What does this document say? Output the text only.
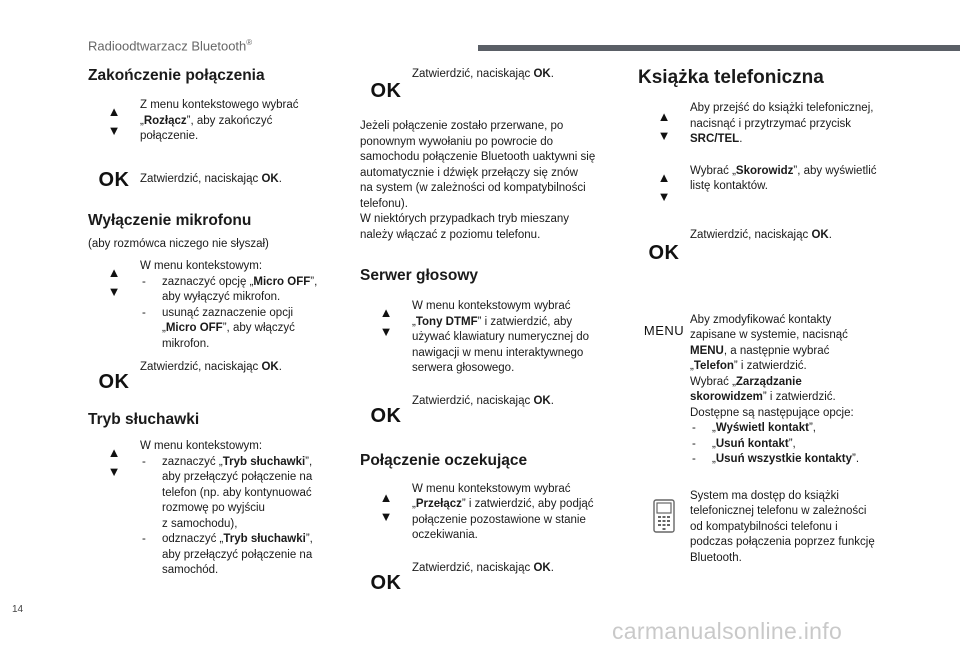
Radioodtwarzacz Bluetooth®
Zakończenie połączenia
▲
▼
Z menu kontekstowego wybrać
„Rozłącz”, aby zakończyć
połączenie.
OK Zatwierdzić, naciskając OK.
Wyłączenie mikrofonu
(aby rozmówca niczego nie słyszał)
▲
▼
W menu kontekstowym:
- zaznaczyć opcję „Micro OFF”,
aby wyłączyć mikrofon.
- usunąć zaznaczenie opcji
„Micro OFF”, aby włączyć
mikrofon.
OK
Zatwierdzić, naciskając OK.
Tryb słuchawki
▲
▼
W menu kontekstowym:
- zaznaczyć „Tryb słuchawki”,
aby przełączyć połączenie na
telefon (np. aby kontynuować
rozmowę po wyjściu
z samochodu),
- odznaczyć „Tryb słuchawki”,
aby przełączyć połączenie na
samochód.
OK
Zatwierdzić, naciskając OK.
Jeżeli połączenie zostało przerwane, po
ponownym wywołaniu po powrocie do
samochodu połączenie Bluetooth uaktywni się
automatycznie i dźwięk przełączy się znów
na system (w zależności od kompatybilności
telefonu).
W niektórych przypadkach tryb mieszany
należy włączać z poziomu telefonu.
Serwer głosowy
▲
▼
W menu kontekstowym wybrać
„Tony DTMF” i zatwierdzić, aby
używać klawiatury numerycznej do
nawigacji w menu interaktywnego
serwera głosowego.
OK
Zatwierdzić, naciskając OK.
Połączenie oczekujące
▲
▼
W menu kontekstowym wybrać
„Przełącz” i zatwierdzić, aby podjąć
połączenie pozostawione w stanie
oczekiwania.
OK
Zatwierdzić, naciskając OK.
Książka telefoniczna
▲
▼
Aby przejść do książki telefonicznej,
nacisnąć i przytrzymać przycisk
SRC/TEL.
▲
▼
Wybrać „Skorowidz”, aby wyświetlić
listę kontaktów.
OK
Zatwierdzić, naciskając OK.
MENU
Aby zmodyfikować kontakty
zapisane w systemie, nacisnąć
MENU, a następnie wybrać
„Telefon” i zatwierdzić.
Wybrać „Zarządzanie
skorowidzem” i zatwierdzić.
Dostępne są następujące opcje:
- „Wyświetl kontakt”,
- „Usuń kontakt”,
- „Usuń wszystkie kontakty”.
System ma dostęp do książki
telefonicznej telefonu w zależności
od kompatybilności telefonu i
podczas połączenia poprzez funkcję
Bluetooth.
14
carmanualsonline.info
